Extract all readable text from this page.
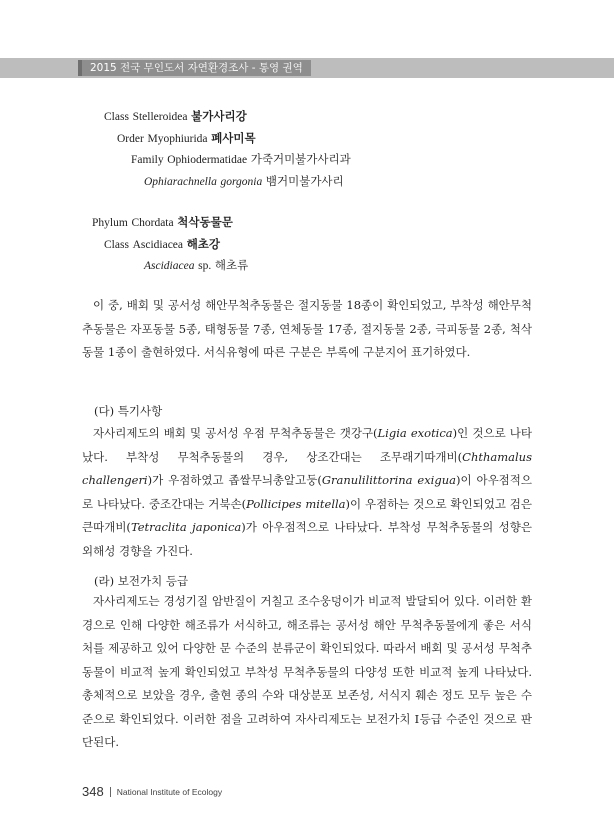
2015 전국 무인도서 자연환경조사 - 통영 권역
Class Stelleroidea 불가사리강
Order Myophiurida 폐사미목
Family Ophiodermatidae 가죽거미불가사리과
Ophiarachnella gorgonia 뱀거미불가사리
Phylum Chordata 척삭동물문
Class Ascidiacea 해초강
Ascidiacea sp. 해초류
이 중, 배회 및 공서성 해안무척추동물은 절지동물 18종이 확인되었고, 부착성 해안무척추동물은 자포동물 5종, 태형동물 7종, 연체동물 17종, 절지동물 2종, 극피동물 2종, 척삭동물 1종이 출현하였다. 서식유형에 따른 구분은 부록에 구분지어 표기하였다.
(다) 특기사항
자사리제도의 배회 및 공서성 우점 무척추동물은 갯강구(Ligia exotica)인 것으로 나타났다. 부착성 무척추동물의 경우, 상조간대는 조무래기따개비(Chthamalus challengeri)가 우점하였고 좁쌀무늬총알고둥(Granulilittorina exigua)이 아우점적으로 나타났다. 중조간대는 거북손(Pollicipes mitella)이 우점하는 것으로 확인되었고 검은큰따개비(Tetraclita japonica)가 아우점적으로 나타났다. 부착성 무척추동물의 성향은 외해성 경향을 가진다.
(라) 보전가치 등급
자사리제도는 경성기질 암반질이 거칠고 조수웅덩이가 비교적 발달되어 있다. 이러한 환경으로 인해 다양한 해조류가 서식하고, 해조류는 공서성 해안 무척추동물에게 좋은 서식처를 제공하고 있어 다양한 문 수준의 분류군이 확인되었다. 따라서 배회 및 공서성 무척추동물이 비교적 높게 확인되었고 부착성 무척추동물의 다양성 또한 비교적 높게 나타났다. 총체적으로 보았을 경우, 출현 종의 수와 대상분포 보존성, 서식지 훼손 정도 모두 높은 수준으로 확인되었다. 이러한 점을 고려하여 자사리제도는 보전가치 Ⅰ등급 수준인 것으로 판단된다.
348 National Institute of Ecology
